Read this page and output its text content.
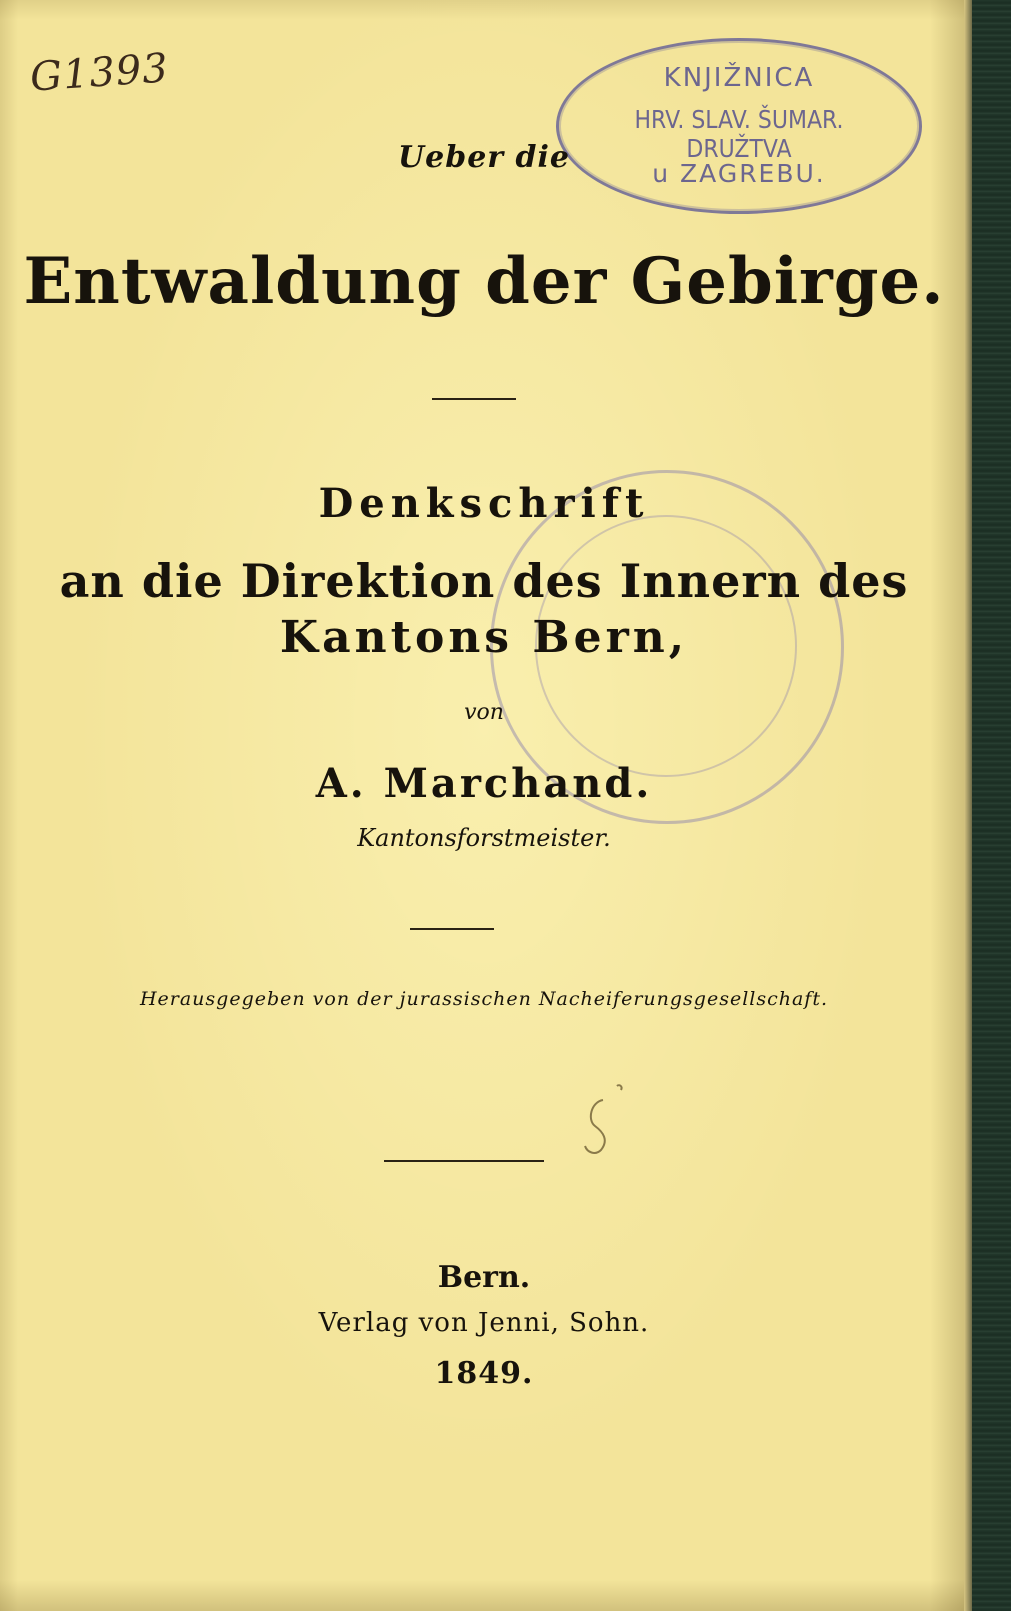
G1393	KNJIŽNICA
HRV. SLAV. ŠUMAR. DRUŽTVA
u ZAGREBU.
Ueber die
Entwaldung der Gebirge.
Denkschrift
an die Direktion des Innern des
Kantons Bern,
von
A. Marchand.
Kantonsforstmeister.
Herausgegeben von der jurassischen Nacheiferungsgesellschaft.
Bern.
Verlag von Jenni, Sohn.
1849.
